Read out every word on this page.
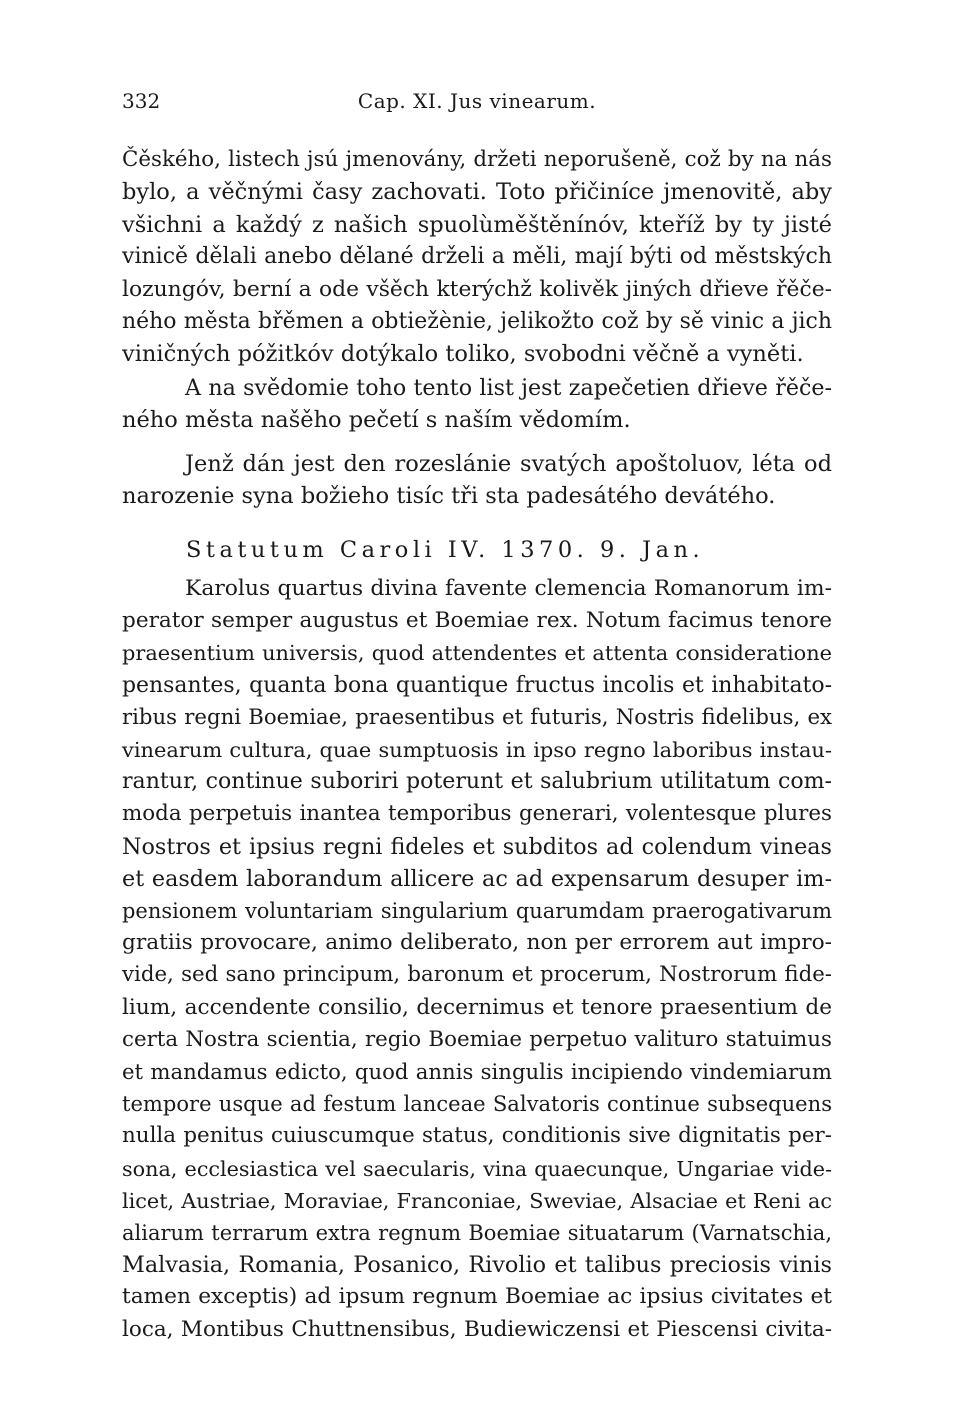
332	Cap. XI. Jus vinearum.
Čěského, listech jsú jmenovány, držeti neporušeně, což by na nás
bylo, a věčnými časy zachovati. Toto přičiníce jmenovitě, aby
všichni a každý z našich spuolùměštěnínóv, kteříž by ty jisté
vinicě dělali anebo dělané drželi a měli, mají býti od městských
lozungóv, berní a ode všěch kterýchž kolivěk jiných dřieve řěče-
ného města břěmen a obtiežènie, jelikožto což by sě vinic a jich
viničných póžitkóv dotýkalo toliko, svobodni věčně a vyněti.
A na svědomie toho tento list jest zapečetien dřieve řěče-
ného města našěho pečetí s naším vědomím.
Jenž dán jest den rozeslánie svatých apoštoluov, léta od
narozenie syna božieho tisíc tři sta padesátého devátého.
Statutum Caroli IV. 1370. 9. Jan.
Karolus quartus divina favente clemencia Romanorum im-
perator semper augustus et Boemiae rex. Notum facimus tenore
praesentium universis, quod attendentes et attenta consideratione
pensantes, quanta bona quantique fructus incolis et inhabitato-
ribus regni Boemiae, praesentibus et futuris, Nostris fidelibus, ex
vinearum cultura, quae sumptuosis in ipso regno laboribus instau-
rantur, continue suboriri poterunt et salubrium utilitatum com-
moda perpetuis inantea temporibus generari, volentesque plures
Nostros et ipsius regni fideles et subditos ad colendum vineas
et easdem laborandum allicere ac ad expensarum desuper im-
pensionem voluntariam singularium quarumdam praerogativarum
gratiis provocare, animo deliberato, non per errorem aut impro-
vide, sed sano principum, baronum et procerum, Nostrorum fide-
lium, accendente consilio, decernimus et tenore praesentium de
certa Nostra scientia, regio Boemiae perpetuo valituro statuimus
et mandamus edicto, quod annis singulis incipiendo vindemiarum
tempore usque ad festum lanceae Salvatoris continue subsequens
nulla penitus cuiuscumque status, conditionis sive dignitatis per-
sona, ecclesiastica vel saecularis, vina quaecunque, Ungariae vide-
licet, Austriae, Moraviae, Franconiae, Sweviae, Alsaciae et Reni ac
aliarum terrarum extra regnum Boemiae situatarum (Varnatschia,
Malvasia, Romania, Posanico, Rivolio et talibus preciosis vinis
tamen exceptis) ad ipsum regnum Boemiae ac ipsius civitates et
loca, Montibus Chuttnensibus, Budiewiczensi et Piescensi civita-
